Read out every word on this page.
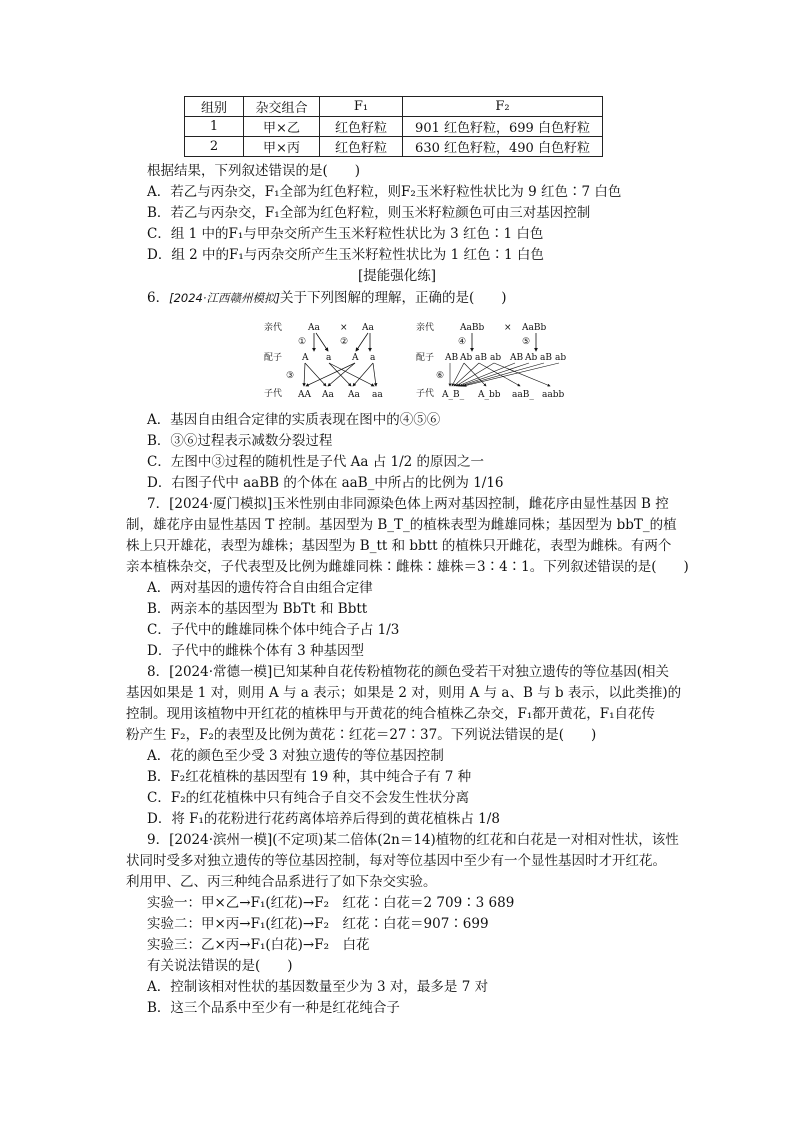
组别	杂交组合	F₁	F₂
1	甲×乙	红色籽粒	901 红色籽粒，699 白色籽粒
2	甲×丙	红色籽粒	630 红色籽粒，490 白色籽粒
根据结果，下列叙述错误的是(　　)
A．若乙与丙杂交，F₁全部为红色籽粒，则F₂玉米籽粒性状比为 9 红色∶7 白色
B．若乙与丙杂交，F₁全部为红色籽粒，则玉米籽粒颜色可由三对基因控制
C．组 1 中的F₁与甲杂交所产生玉米籽粒性状比为 3 红色∶1 白色
D．组 2 中的F₁与丙杂交所产生玉米籽粒性状比为 1 红色∶1 白色
[提能强化练]
6．[2024·江西赣州模拟]关于下列图解的理解，正确的是(　　)
亲代
配子
子代
Aa × Aa
①	②
③
A a A a
AA Aa Aa aa
亲代
配子
子代
AaBb × AaBb
④	⑤
⑥
AB Ab aB ab AB Ab aB ab
A_B_ A_bb aaB_ aabb
A．基因自由组合定律的实质表现在图中的④⑤⑥
B．③⑥过程表示减数分裂过程
C．左图中③过程的随机性是子代 Aa 占 1/2 的原因之一
D．右图子代中 aaBB 的个体在 aaB_中所占的比例为 1/16
7．[2024·厦门模拟]玉米性别由非同源染色体上两对基因控制，雌花序由显性基因 B 控
制，雄花序由显性基因 T 控制。基因型为 B_T_的植株表型为雌雄同株；基因型为 bbT_的植
株上只开雄花，表型为雄株；基因型为 B_tt 和 bbtt 的植株只开雌花，表型为雌株。有两个
亲本植株杂交，子代表型及比例为雌雄同株∶雌株∶雄株＝3∶4∶1。下列叙述错误的是(　　)
A．两对基因的遗传符合自由组合定律
B．两亲本的基因型为 BbTt 和 Bbtt
C．子代中的雌雄同株个体中纯合子占 1/3
D．子代中的雌株个体有 3 种基因型
8．[2024·常德一模]已知某种自花传粉植物花的颜色受若干对独立遗传的等位基因(相关
基因如果是 1 对，则用 A 与 a 表示；如果是 2 对，则用 A 与 a、B 与 b 表示，以此类推)的
控制。现用该植物中开红花的植株甲与开黄花的纯合植株乙杂交，F₁都开黄花，F₁自花传
粉产生 F₂，F₂的表型及比例为黄花∶红花＝27∶37。下列说法错误的是(　　)
A．花的颜色至少受 3 对独立遗传的等位基因控制
B．F₂红花植株的基因型有 19 种，其中纯合子有 7 种
C．F₂的红花植株中只有纯合子自交不会发生性状分离
D．将 F₁的花粉进行花药离体培养后得到的黄花植株占 1/8
9．[2024·滨州一模](不定项)某二倍体(2n＝14)植物的红花和白花是一对相对性状，该性
状同时受多对独立遗传的等位基因控制，每对等位基因中至少有一个显性基因时才开红花。
利用甲、乙、丙三种纯合品系进行了如下杂交实验。
实验一：甲×乙→F₁(红花)→F₂　红花∶白花＝2 709∶3 689
实验二：甲×丙→F₁(红花)→F₂　红花∶白花＝907∶699
实验三：乙×丙→F₁(白花)→F₂　白花
有关说法错误的是(　　)
A．控制该相对性状的基因数量至少为 3 对，最多是 7 对
B．这三个品系中至少有一种是红花纯合子
